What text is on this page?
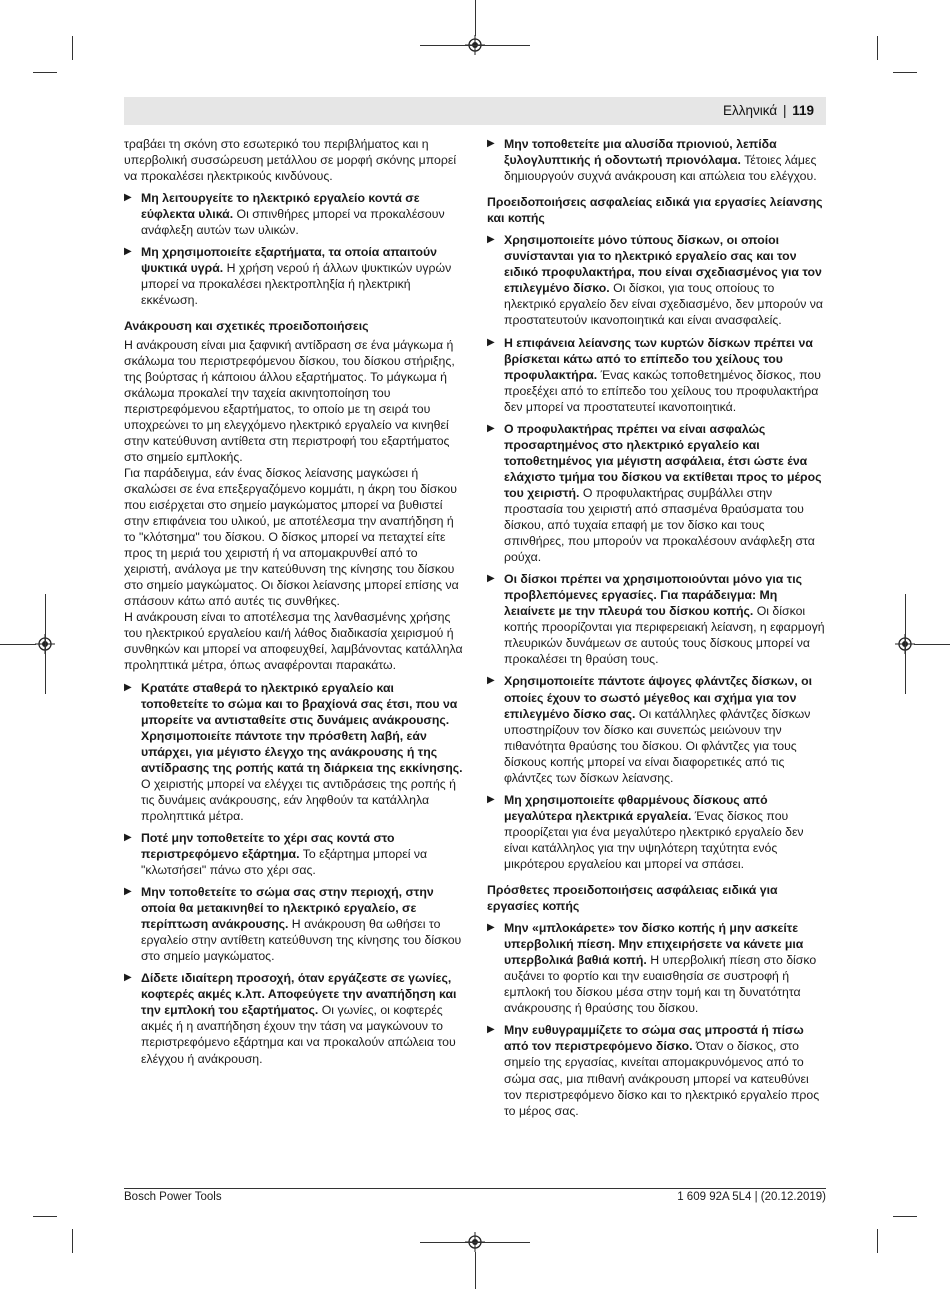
Ελληνικά | 119

τραβάει τη σκόνη στο εσωτερικό του περιβλήματος και η υπερβολική συσσώρευση μετάλλου σε μορφή σκόνης μπορεί να προκαλέσει ηλεκτρικούς κινδύνους.

▶ Μη λειτουργείτε το ηλεκτρικό εργαλείο κοντά σε εύφλεκτα υλικά. Οι σπινθήρες μπορεί να προκαλέσουν ανάφλεξη αυτών των υλικών.
▶ Μη χρησιμοποιείτε εξαρτήματα, τα οποία απαιτούν ψυκτικά υγρά. Η χρήση νερού ή άλλων ψυκτικών υγρών μπορεί να προκαλέσει ηλεκτροπληξία ή ηλεκτρική εκκένωση.
Ανάκρουση και σχετικές προειδοποιήσεις

Η ανάκρουση είναι μια ξαφνική αντίδραση σε ένα μάγκωμα ή σκάλωμα του περιστρεφόμενου δίσκου, του δίσκου στήριξης, της βούρτσας ή κάποιου άλλου εξαρτήματος. Το μάγκωμα ή σκάλωμα προκαλεί την ταχεία ακινητοποίηση του περιστρεφόμενου εξαρτήματος, το οποίο με τη σειρά του υποχρεώνει το μη ελεγχόμενο ηλεκτρικό εργαλείο να κινηθεί στην κατεύθυνση αντίθετα στη περιστροφή του εξαρτήματος στο σημείο εμπλοκής.

Για παράδειγμα, εάν ένας δίσκος λείανσης μαγκώσει ή σκαλώσει σε ένα επεξεργαζόμενο κομμάτι, η άκρη του δίσκου που εισέρχεται στο σημείο μαγκώματος μπορεί να βυθιστεί στην επιφάνεια του υλικού, με αποτέλεσμα την αναπήδηση ή το "κλότσημα" του δίσκου. Ο δίσκος μπορεί να πεταχτεί είτε προς τη μεριά του χειριστή ή να απομακρυνθεί από το χειριστή, ανάλογα με την κατεύθυνση της κίνησης του δίσκου στο σημείο μαγκώματος. Οι δίσκοι λείανσης μπορεί επίσης να σπάσουν κάτω από αυτές τις συνθήκες.

Η ανάκρουση είναι το αποτέλεσμα της λανθασμένης χρήσης του ηλεκτρικού εργαλείου και/ή λάθος διαδικασία χειρισμού ή συνθηκών και μπορεί να αποφευχθεί, λαμβάνοντας κατάλληλα προληπτικά μέτρα, όπως αναφέρονται παρακάτω.

▶ Κρατάτε σταθερά το ηλεκτρικό εργαλείο και τοποθετείτε το σώμα και το βραχίονά σας έτσι, που να μπορείτε να αντισταθείτε στις δυνάμεις ανάκρουσης. Χρησιμοποιείτε πάντοτε την πρόσθετη λαβή, εάν υπάρχει, για μέγιστο έλεγχο της ανάκρουσης ή της αντίδρασης της ροπής κατά τη διάρκεια της εκκίνησης. Ο χειριστής μπορεί να ελέγχει τις αντιδράσεις της ροπής ή τις δυνάμεις ανάκρουσης, εάν ληφθούν τα κατάλληλα προληπτικά μέτρα.
▶ Ποτέ μην τοποθετείτε το χέρι σας κοντά στο περιστρεφόμενο εξάρτημα. Το εξάρτημα μπορεί να "κλωτσήσει" πάνω στο χέρι σας.
▶ Μην τοποθετείτε το σώμα σας στην περιοχή, στην οποία θα μετακινηθεί το ηλεκτρικό εργαλείο, σε περίπτωση ανάκρουσης. Η ανάκρουση θα ωθήσει το εργαλείο στην αντίθετη κατεύθυνση της κίνησης του δίσκου στο σημείο μαγκώματος.
▶ Δίδετε ιδιαίτερη προσοχή, όταν εργάζεστε σε γωνίες, κοφτερές ακμές κ.λπ. Αποφεύγετε την αναπήδηση και την εμπλοκή του εξαρτήματος. Οι γωνίες, οι κοφτερές ακμές ή η αναπήδηση έχουν την τάση να μαγκώνουν το περιστρεφόμενο εξάρτημα και να προκαλούν απώλεια του ελέγχου ή ανάκρουση.
▶ Μην τοποθετείτε μια αλυσίδα πριονιού, λεπίδα ξυλογλυπτικής ή οδοντωτή πριονόλαμα. Τέτοιες λάμες δημιουργούν συχνά ανάκρουση και απώλεια του ελέγχου.
Προειδοποιήσεις ασφαλείας ειδικά για εργασίες λείανσης και κοπής
▶ Χρησιμοποιείτε μόνο τύπους δίσκων, οι οποίοι συνίστανται για το ηλεκτρικό εργαλείο σας και τον ειδικό προφυλακτήρα, που είναι σχεδιασμένος για τον επιλεγμένο δίσκο. Οι δίσκοι, για τους οποίους το ηλεκτρικό εργαλείο δεν είναι σχεδιασμένο, δεν μπορούν να προστατευτούν ικανοποιητικά και είναι ανασφαλείς.
▶ Η επιφάνεια λείανσης των κυρτών δίσκων πρέπει να βρίσκεται κάτω από το επίπεδο του χείλους του προφυλακτήρα. Ένας κακώς τοποθετημένος δίσκος, που προεξέχει από το επίπεδο του χείλους του προφυλακτήρα δεν μπορεί να προστατευτεί ικανοποιητικά.
▶ Ο προφυλακτήρας πρέπει να είναι ασφαλώς προσαρτημένος στο ηλεκτρικό εργαλείο και τοποθετημένος για μέγιστη ασφάλεια, έτσι ώστε ένα ελάχιστο τμήμα του δίσκου να εκτίθεται προς το μέρος του χειριστή. Ο προφυλακτήρας συμβάλλει στην προστασία του χειριστή από σπασμένα θραύσματα του δίσκου, από τυχαία επαφή με τον δίσκο και τους σπινθήρες, που μπορούν να προκαλέσουν ανάφλεξη στα ρούχα.
▶ Οι δίσκοι πρέπει να χρησιμοποιούνται μόνο για τις προβλεπόμενες εργασίες. Για παράδειγμα: Μη λειαίνετε με την πλευρά του δίσκου κοπής. Οι δίσκοι κοπής προορίζονται για περιφερειακή λείανση, η εφαρμογή πλευρικών δυνάμεων σε αυτούς τους δίσκους μπορεί να προκαλέσει τη θραύση τους.
▶ Χρησιμοποιείτε πάντοτε άψογες φλάντζες δίσκων, οι οποίες έχουν το σωστό μέγεθος και σχήμα για τον επιλεγμένο δίσκο σας. Οι κατάλληλες φλάντζες δίσκων υποστηρίζουν τον δίσκο και συνεπώς μειώνουν την πιθανότητα θραύσης του δίσκου. Οι φλάντζες για τους δίσκους κοπής μπορεί να είναι διαφορετικές από τις φλάντζες των δίσκων λείανσης.
▶ Μη χρησιμοποιείτε φθαρμένους δίσκους από μεγαλύτερα ηλεκτρικά εργαλεία. Ένας δίσκος που προορίζεται για ένα μεγαλύτερο ηλεκτρικό εργαλείο δεν είναι κατάλληλος για την υψηλότερη ταχύτητα ενός μικρότερου εργαλείου και μπορεί να σπάσει.
Πρόσθετες προειδοποιήσεις ασφάλειας ειδικά για εργασίες κοπής
▶ Μην «μπλοκάρετε» τον δίσκο κοπής ή μην ασκείτε υπερβολική πίεση. Μην επιχειρήσετε να κάνετε μια υπερβολικά βαθιά κοπή. Η υπερβολική πίεση στο δίσκο αυξάνει το φορτίο και την ευαισθησία σε συστροφή ή εμπλοκή του δίσκου μέσα στην τομή και τη δυνατότητα ανάκρουσης ή θραύσης του δίσκου.
▶ Μην ευθυγραμμίζετε το σώμα σας μπροστά ή πίσω από τον περιστρεφόμενο δίσκο. Όταν ο δίσκος, στο σημείο της εργασίας, κινείται απομακρυνόμενος από το σώμα σας, μια πιθανή ανάκρουση μπορεί να κατευθύνει τον περιστρεφόμενο δίσκο και το ηλεκτρικό εργαλείο προς το μέρος σας.
Bosch Power Tools	1 609 92A 5L4 | (20.12.2019)
